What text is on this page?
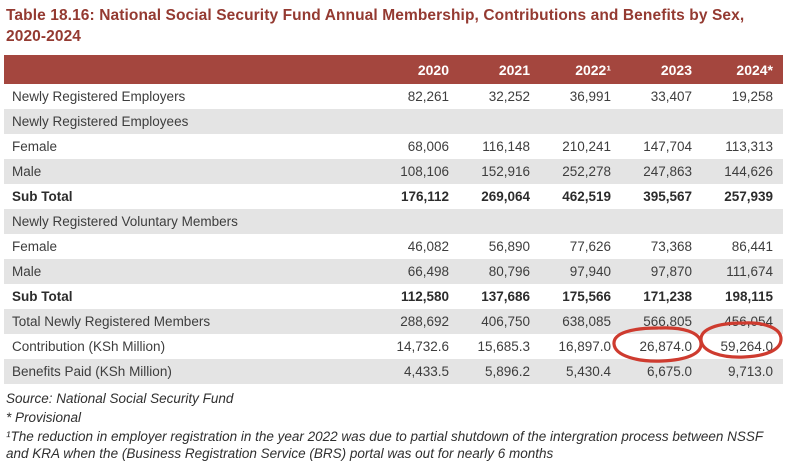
Table 18.16: National Social Security Fund Annual Membership, Contributions and Benefits by Sex, 2020-2024
	2020	2021	2022¹	2023	2024*
Newly Registered Employers	82,261	32,252	36,991	33,407	19,258
Newly Registered Employees					
Female	68,006	116,148	210,241	147,704	113,313
Male	108,106	152,916	252,278	247,863	144,626
Sub Total	176,112	269,064	462,519	395,567	257,939
Newly Registered Voluntary Members					
Female	46,082	56,890	77,626	73,368	86,441
Male	66,498	80,796	97,940	97,870	111,674
Sub Total	112,580	137,686	175,566	171,238	198,115
Total Newly Registered Members	288,692	406,750	638,085	566,805	456,054
Contribution (KSh Million)	14,732.6	15,685.3	16,897.0	26,874.0	59,264.0
Benefits Paid (KSh Million)	4,433.5	5,896.2	5,430.4	6,675.0	9,713.0
Source: National Social Security Fund
* Provisional
¹The reduction in employer registration in the year 2022 was due to partial shutdown of the intergration process between NSSF and KRA when the (Business Registration Service (BRS) portal was out for nearly 6 months
